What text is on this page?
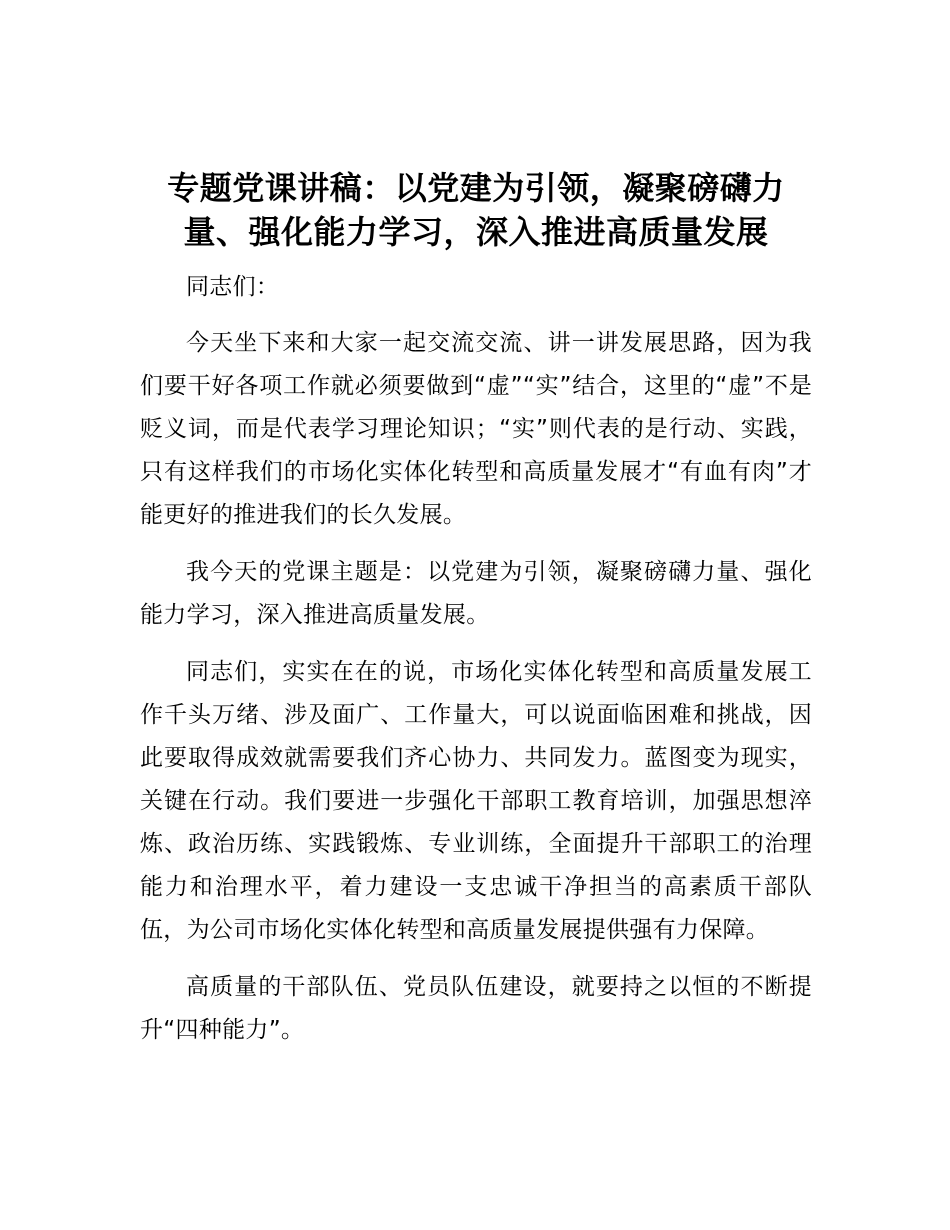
专题党课讲稿：以党建为引领，凝聚磅礴力量、强化能力学习，深入推进高质量发展

同志们：

今天坐下来和大家一起交流交流、讲一讲发展思路，因为我们要干好各项工作就必须要做到“虚”“实”结合，这里的“虚”不是贬义词，而是代表学习理论知识；“实”则代表的是行动、实践，只有这样我们的市场化实体化转型和高质量发展才“有血有肉”才能更好的推进我们的长久发展。

我今天的党课主题是：以党建为引领，凝聚磅礴力量、强化能力学习，深入推进高质量发展。

同志们，实实在在的说，市场化实体化转型和高质量发展工作千头万绪、涉及面广、工作量大，可以说面临困难和挑战，因此要取得成效就需要我们齐心协力、共同发力。蓝图变为现实，关键在行动。我们要进一步强化干部职工教育培训，加强思想淬炼、政治历练、实践锻炼、专业训练，全面提升干部职工的治理能力和治理水平，着力建设一支忠诚干净担当的高素质干部队伍，为公司市场化实体化转型和高质量发展提供强有力保障。

高质量的干部队伍、党员队伍建设，就要持之以恒的不断提升“四种能力”。
